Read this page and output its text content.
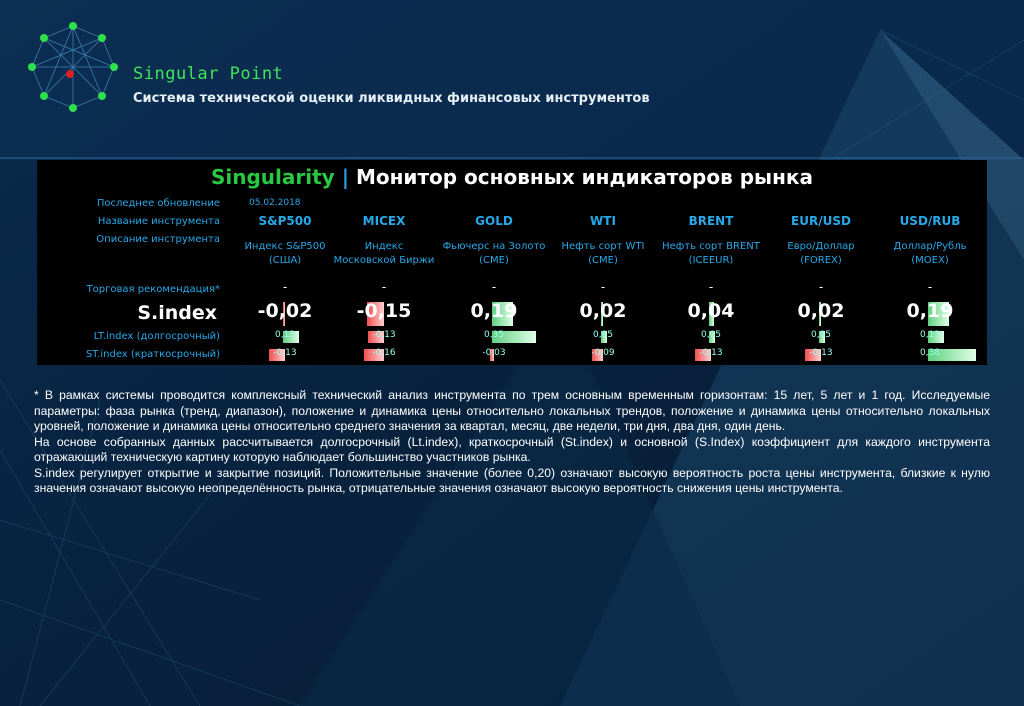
Singular Point
Система технической оценки ликвидных финансовых инструментов
Singularity | Монитор основных индикаторов рынка
Последнее обновление	05.02.2018
Название инструмента
Описание инструмента
Торговая рекомендация*
S.index
LT.index (долгосрочный)
ST.index (краткосрочный)
S&P500
Индекс S&P500
(США)
-
-0,02
0,13
-0,13
MICEX
Индекс
Московской Биржи
-
-0,15
-0,13
-0,16
GOLD
Фьючерс на Золото
(CME)
-
0,19
0,35
-0,03
WTI
Нефть сорт WTI
(CME)
-
0,02
0,05
-0,09
BRENT
Нефть сорт BRENT
(ICEEUR)
-
0,04
0,05
-0,13
EUR/USD
Евро/Доллар
(FOREX)
-
0,02
0,05
-0,13
USD/RUB
Доллар/Рубль
(MOEX)
-
0,19
0,13
0,38

* В рамках системы проводится комплексный технический анализ инструмента по трем основным временным горизонтам: 15 лет, 5 лет и 1 год. Исследуемые параметры: фаза рынка (тренд, диапазон), положение и динамика цены относительно локальных трендов, положение и динамика цены относительно локальных уровней, положение и динамика цены относительно среднего значения за квартал, месяц, две недели, три дня, два дня, один день.

На основе собранных данных рассчитывается долгосрочный (Lt.index), краткосрочный (St.index) и основной (S.Index) коэффициент для каждого инструмента отражающий техническую картину которую наблюдает большинство участников рынка.

S.index регулирует открытие и закрытие позиций. Положительные значение (более 0,20) означают высокую вероятность роста цены инструмента, близкие к нулю значения означают высокую неопределённость рынка, отрицательные значения означают высокую вероятность снижения цены инструмента.
